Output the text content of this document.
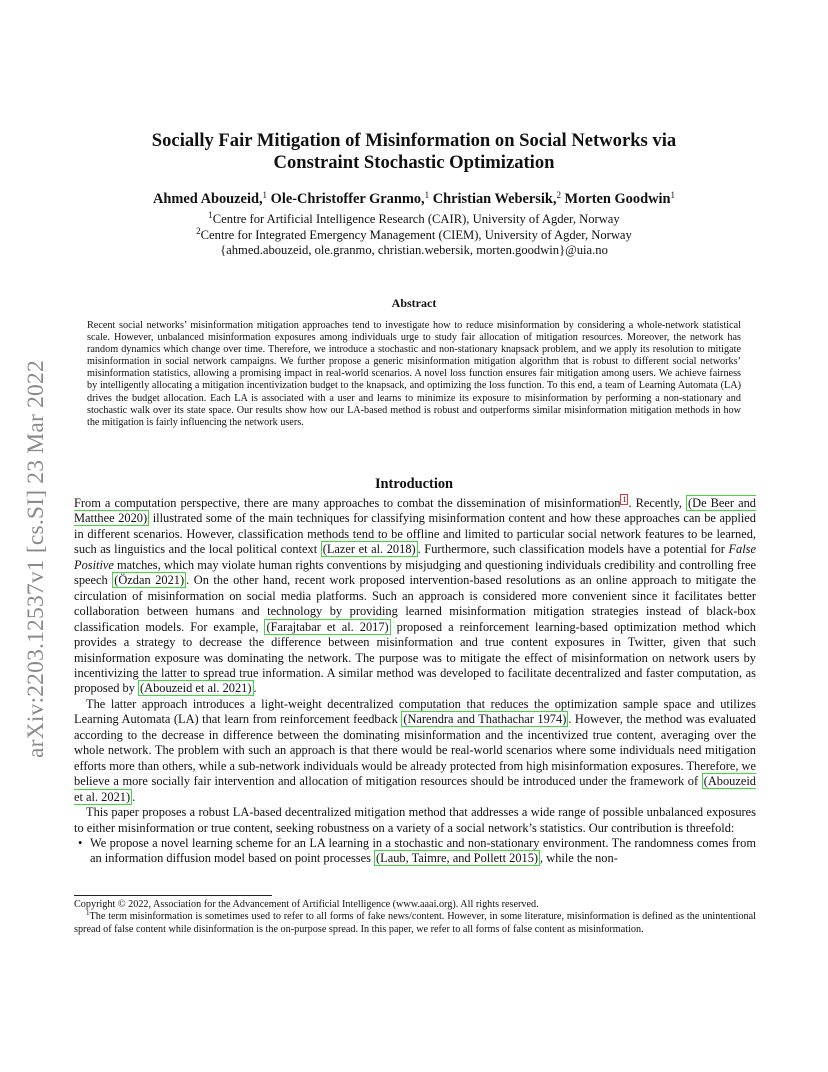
arXiv:2203.12537v1 [cs.SI] 23 Mar 2022
Socially Fair Mitigation of Misinformation on Social Networks via
Constraint Stochastic Optimization
Ahmed Abouzeid,$^1$ Ole-Christoffer Granmo,$^1$ Christian Webersik,$^2$ Morten Goodwin$^1$
$^1$Centre for Artificial Intelligence Research (CAIR), University of Agder, Norway
$^2$Centre for Integrated Emergency Management (CIEM), University of Agder, Norway
{ahmed.abouzeid, ole.granmo, christian.webersik, morten.goodwin}@uia.no
Abstract

Recent social networks’ misinformation mitigation approaches tend to investigate how to reduce misinformation by considering a whole-network statistical scale. However, unbalanced misinformation exposures among individuals urge to study fair allocation of mitigation resources. Moreover, the network has random dynamics which change over time. Therefore, we introduce a stochastic and non-stationary knapsack problem, and we apply its resolution to mitigate misinformation in social network campaigns. We further propose a generic misinformation mitigation algorithm that is robust to different social networks’ misinformation statistics, allowing a promising impact in real-world scenarios. A novel loss function ensures fair mitigation among users. We achieve fairness by intelligently allocating a mitigation incentivization budget to the knapsack, and optimizing the loss function. To this end, a team of Learning Automata (LA) drives the budget allocation. Each LA is associated with a user and learns to minimize its exposure to misinformation by performing a non-stationary and stochastic walk over its state space. Our results show how our LA-based method is robust and outperforms similar misinformation mitigation methods in how the mitigation is fairly influencing the network users.

Introduction

From a computation perspective, there are many approaches to combat the dissemination of misinformation $^1$ . Recently, (De Beer and Matthee 2020) illustrated some of the main techniques for classifying misinformation content and how these approaches can be applied in different scenarios. However, classification methods tend to be offline and limited to particular social network features to be learned, such as linguistics and the local political context (Lazer et al. 2018) . Furthermore, such classification models have a potential for False Positive matches, which may violate human rights conventions by misjudging and questioning individuals credibility and controlling free speech (Özdan 2021) . On the other hand, recent work proposed intervention-based resolutions as an online approach to mitigate the circulation of misinformation on social media platforms. Such an approach is considered more convenient since it facilitates better collaboration between humans and technology by providing learned misinformation mitigation strategies instead of black-box classification models. For example, (Farajtabar et al. 2017) proposed a reinforcement learning-based optimization method which provides a strategy to decrease the difference between misinformation and true content exposures in Twitter, given that such misinformation exposure was dominating the network. The purpose was to mitigate the effect of misinformation on network users by incentivizing the latter to spread true information. A similar method was developed to facilitate decentralized and faster computation, as proposed by (Abouzeid et al. 2021) .

The latter approach introduces a light-weight decentralized computation that reduces the optimization sample space and utilizes Learning Automata (LA) that learn from reinforcement feedback (Narendra and Thathachar 1974) . However, the method was evaluated according to the decrease in difference between the dominating misinformation and the incentivized true content, averaging over the whole network. The problem with such an approach is that there would be real-world scenarios where some individuals need mitigation efforts more than others, while a sub-network individuals would be already protected from high misinformation exposures. Therefore, we believe a more socially fair intervention and allocation of mitigation resources should be introduced under the framework of (Abouzeid et al. 2021) .

This paper proposes a robust LA-based decentralized mitigation method that addresses a wide range of possible unbalanced exposures to either misinformation or true content, seeking robustness on a variety of a social network’s statistics. Our contribution is threefold:

• We propose a novel learning scheme for an LA learning in a stochastic and non-stationary environment. The randomness comes from an information diffusion model based on point processes (Laub, Taimre, and Pollett 2015) , while the non-

Copyright © 2022, Association for the Advancement of Artificial Intelligence (www.aaai.org). All rights reserved.

$^1$The term misinformation is sometimes used to refer to all forms of fake news/content. However, in some literature, misinformation is defined as the unintentional spread of false content while disinformation is the on-purpose spread. In this paper, we refer to all forms of false content as misinformation.
